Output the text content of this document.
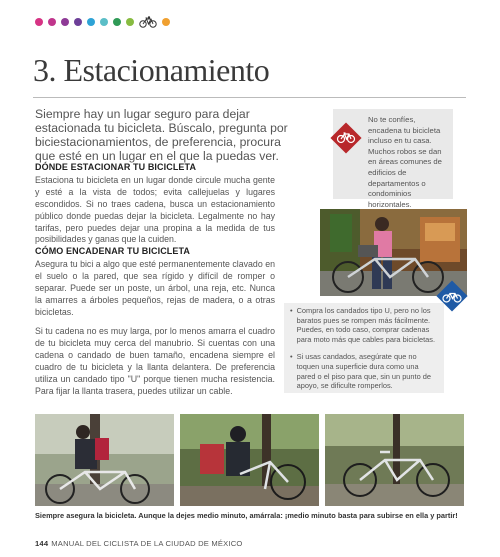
3. Estacionamiento
Siempre hay un lugar seguro para dejar estacionada tu bicicleta. Búscalo, pregunta por biciestacionamientos, de preferencia, procura que esté en un lugar en el que la puedas ver.
DÓNDE ESTACIONAR TU BICICLETA

Estaciona tu bicicleta en un lugar donde circule mucha gente y esté a la vista de todos; evita callejuelas y lugares escondidos. Si no traes cadena, busca un estacionamiento público donde puedas dejar la bicicleta. Legalmente no hay tarifas, pero puedes dejar una propina a la medida de tus posibilidades y ganas que la cuiden.

CÓMO ENCADENAR TU BICICLETA

Asegura tu bici a algo que esté permanentemente clavado en el suelo o la pared, que sea rígido y difícil de romper o separar. Puede ser un poste, un árbol, una reja, etc. Nunca la amarres a árboles pequeños, rejas de madera, o a otras bicicletas.

Si tu cadena no es muy larga, por lo menos amarra el cuadro de tu bicicleta muy cerca del manubrio. Si cuentas con una cadena o candado de buen tamaño, encadena siempre el cuadro de tu bicicleta y la llanta delantera. De preferencia utiliza un candado tipo "U" porque tienen mucha resistencia. Para fijar la llanta trasera, puedes utilizar un cable.

No te confíes, encadena tu bicicleta incluso en tu casa. Muchos robos se dan en áreas comunes de edificios de departamentos o condominios horizontales.
• Compra los candados tipo U, pero no los baratos pues se rompen más fácilmente. Puedes, en todo caso, comprar cadenas para moto más que cables para bicicletas.
• Si usas candados, asegúrate que no toquen una superficie dura como una pared o el piso para que, sin un punto de apoyo, se dificulte romperlos.
Siempre asegura la bicicleta. Aunque la dejes medio minuto, amárrala: ¡medio minuto basta para subirse en ella y partir!
144 MANUAL DEL CICLISTA DE LA CIUDAD DE MÉXICO
